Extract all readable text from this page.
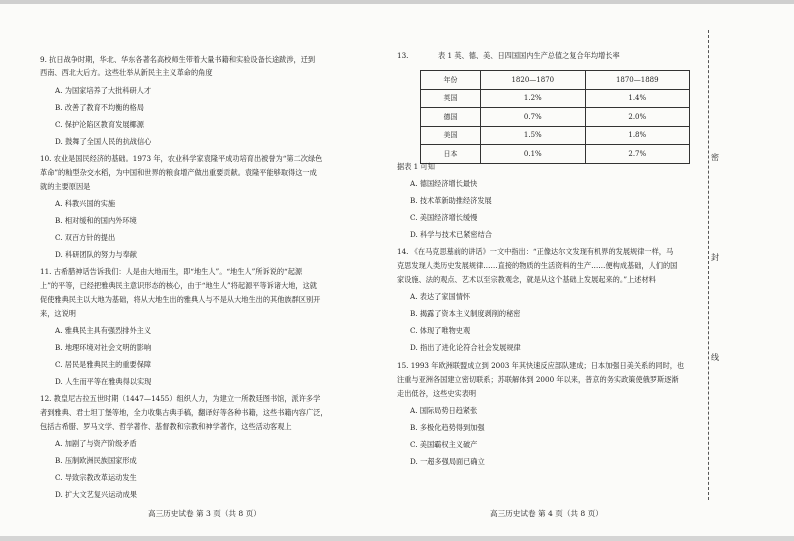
9. 抗日战争时期，华北、华东各著名高校师生带着大量书籍和实验设备长途跋涉，迁到
西南、西北大后方。这些壮举从新民主主义革命的角度
A. 为国家培养了大批科研人才
B. 改善了教育不均衡的格局
C. 保护沦陷区教育发展椰源
D. 鼓舞了全国人民的抗战信心
10. 农业是国民经济的基础。1973 年，农业科学家袁隆平成功培育出被誉为“第二次绿色
革命”的籼型杂交水稻，为中国和世界的粮食增产做出重要贡献。袁隆平能够取得这一成
就的主要原因是
A. 科教兴国的实施
B. 相对缓和的国内外环境
C. 双百方针的提出
D. 科研团队的努力与奉献
11. 古希腊神话告诉我们：人是由大地而生，即“地生人”。“地生人”所诉说的“起源
上”的平等，已经把雅典民主意识形态的核心，由于“地生人”将起源平等诉诸大地，这就
促使雅典民主以大地为基础，将从大地生出的雅典人与不是从大地生出的其他族群区别开
来，这说明
A. 雅典民主具有强烈排外主义
B. 地理环境对社会文明的影响
C. 居民是雅典民主的重要保障
D. 人生而平等在雅典得以实现
12. 教皇尼古拉五世时期（1447—1455）组织人力，为建立一所教廷图书馆，派许多学
者到雅典、君士坦丁堡等地，全力收集古典手稿，翻译好等各种书籍，这些书籍内容广泛，
包括古希腊、罗马文学、哲学著作、基督教和宗教和神学著作，这些活动客观上
A. 加剧了与资产阶级矛盾
B. 压制欧洲民族国家形成
C. 导致宗教改革运动发生
D. 扩大文艺复兴运动成果
高三历史试卷 第 3 页（共 8 页）
13.	表 1 英、德、美、日四国国内生产总值之复合年均增长率
年份	1820—1870	1870—1889
英国	1.2%	1.4%
德国	0.7%	2.0%
美国	1.5%	1.8%
日本	0.1%	2.7%
据表 1 可知
A. 德国经济增长最快
B. 技术革新助推经济发展
C. 美国经济增长缓慢
D. 科学与技术已紧密结合
14. 《在马克思墓前的讲话》一文中指出：“正像达尔文发现有机界的发展规律一样，马
克思发现人类历史发展规律……直接的物质的生活资料的生产……便构成基础，人们的国
家设施、法的观点、艺术以至宗教观念，就是从这个基础上发展起来的。”上述材料
A. 表达了家国情怀
B. 揭露了资本主义制度剥削的秘密
C. 体现了唯物史观
D. 指出了进化论符合社会发展规律
15. 1993 年欧洲联盟成立到 2003 年其快速反应部队建成；日本加强日美关系的同时，也
注重与亚洲各国建立密切联系；苏联解体到 2000 年以来，普京的务实政策使俄罗斯逐渐
走出低谷，这些史实表明
A. 国际局势日趋紧张
B. 多极化趋势得到加强
C. 美国霸权主义破产
D. 一超多强局面已确立
高三历史试卷 第 4 页（共 8 页）
密
封
线
